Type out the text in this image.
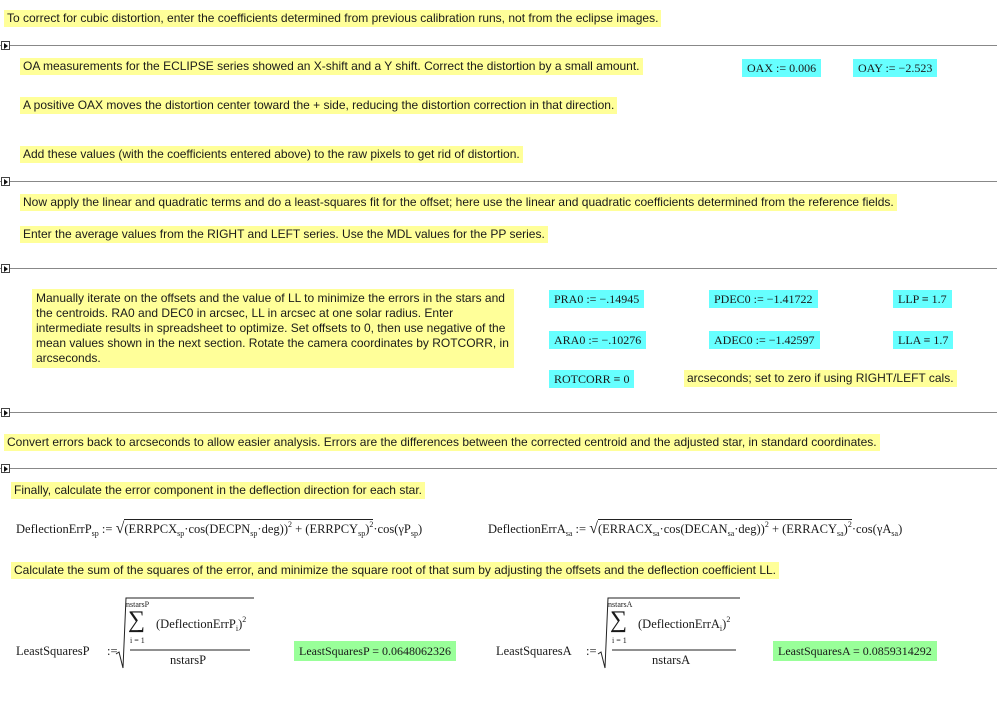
To correct for cubic distortion, enter the coefficients determined from previous calibration runs, not from the eclipse images.
OA measurements for the ECLIPSE series showed an X-shift and a Y shift. Correct the distortion by a small amount.	OAX := 0.006	OAY := −2.523
A positive OAX moves the distortion center toward the + side, reducing the distortion correction in that direction.
Add these values (with the coefficients entered above) to the raw pixels to get rid of distortion.
Now apply the linear and quadratic terms and do a least-squares fit for the offset; here use the linear and quadratic coefficients determined from the reference fields.
Enter the average values from the RIGHT and LEFT series. Use the MDL values for the PP series.
Manually iterate on the offsets and the value of LL to minimize the errors in the stars and the centroids. RA0 and DEC0 in arcsec, LL in arcsec at one solar radius. Enter intermediate results in spreadsheet to optimize. Set offsets to 0, then use negative of the mean values shown in the next section. Rotate the camera coordinates by ROTCORR, in arcseconds.
PRA0 := −.14945	PDEC0 := −1.41722	LLP ≡ 1.7
ARA0 := −.10276	ADEC0 := −1.42597	LLA ≡ 1.7
ROTCORR ≡ 0	arcseconds; set to zero if using RIGHT/LEFT cals.
Convert errors back to arcseconds to allow easier analysis. Errors are the differences between the corrected centroid and the adjusted star, in standard coordinates.
Finally, calculate the error component in the deflection direction for each star.
DeflectionErrP$_{sp}$ := $√(ERRPCX_{sp}\cdot\cos(DECPN_{sp}\cdot deg))^2$ + $(ERRPCY_{sp})^2\cdot\cos(\gamma P_{sp})$	DeflectionErrA$_{sa}$ := $√(ERRACX_{sa}\cdot\cos(DECAN_{sa}\cdot deg))^2$ + $(ERRACY_{sa})^2\cdot\cos(\gamma A_{sa})$
Calculate the sum of the squares of the error, and minimize the square root of that sum by adjusting the offsets and the deflection coefficient LL.
LeastSquaresP :=
nstarsP
∑
i = 1
(DeflectionErrP$_i$)$^2$
nstarsP
LeastSquaresP = 0.0648062326	LeastSquaresA :=
nstarsA
∑
i = 1
(DeflectionErrA$_i$)$^2$
nstarsA
LeastSquaresA = 0.0859314292
